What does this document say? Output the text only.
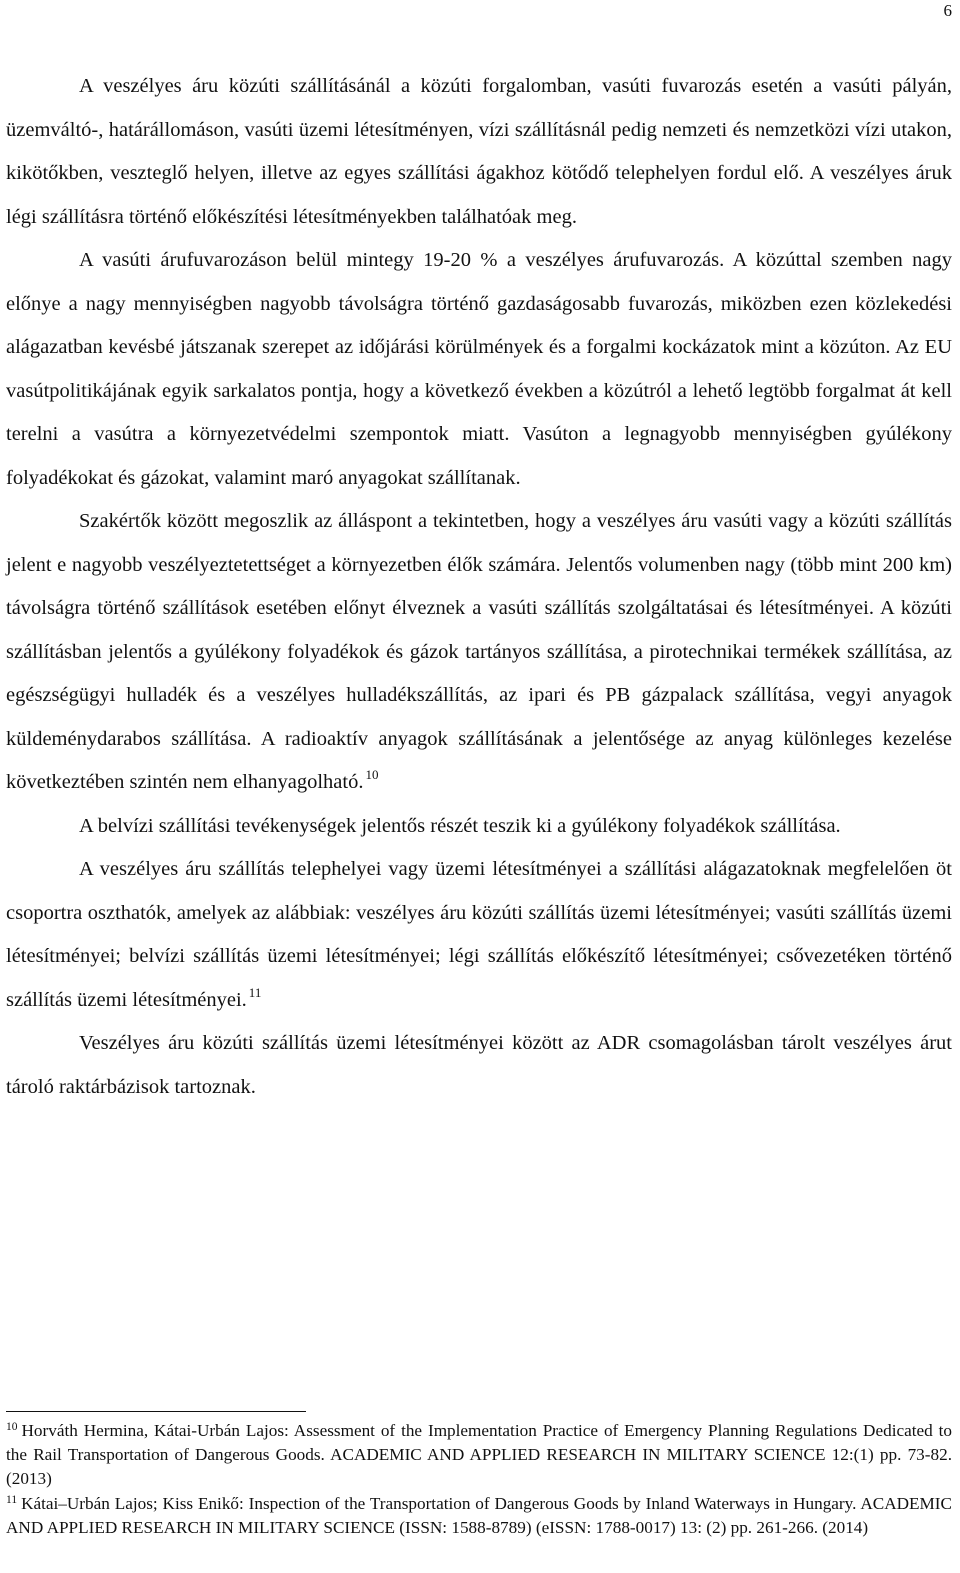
6

A veszélyes áru közúti szállításánál a közúti forgalomban, vasúti fuvarozás esetén a vasúti pályán, üzemváltó-, határállomáson, vasúti üzemi létesítményen, vízi szállításnál pedig nemzeti és nemzetközi vízi utakon, kikötőkben, veszteglő helyen, illetve az egyes szállítási ágakhoz kötődő telephelyen fordul elő. A veszélyes áruk légi szállításra történő előkészítési létesítményekben találhatóak meg.

A vasúti árufuvarozáson belül mintegy 19-20 % a veszélyes árufuvarozás. A közúttal szemben nagy előnye a nagy mennyiségben nagyobb távolságra történő gazdaságosabb fuvarozás, miközben ezen közlekedési alágazatban kevésbé játszanak szerepet az időjárási körülmények és a forgalmi kockázatok mint a közúton. Az EU vasútpolitikájának egyik sarkalatos pontja, hogy a következő években a közútról a lehető legtöbb forgalmat át kell terelni a vasútra a környezetvédelmi szempontok miatt. Vasúton a legnagyobb mennyiségben gyúlékony folyadékokat és gázokat, valamint maró anyagokat szállítanak.

Szakértők között megoszlik az álláspont a tekintetben, hogy a veszélyes áru vasúti vagy a közúti szállítás jelent e nagyobb veszélyeztetettséget a környezetben élők számára. Jelentős volumenben nagy (több mint 200 km) távolságra történő szállítások esetében előnyt élveznek a vasúti szállítás szolgáltatásai és létesítményei. A közúti szállításban jelentős a gyúlékony folyadékok és gázok tartányos szállítása, a pirotechnikai termékek szállítása, az egészségügyi hulladék és a veszélyes hulladékszállítás, az ipari és PB gázpalack szállítása, vegyi anyagok küldeménydarabos szállítása. A radioaktív anyagok szállításának a jelentősége az anyag különleges kezelése következtében szintén nem elhanyagolható. $^{10}$

A belvízi szállítási tevékenységek jelentős részét teszik ki a gyúlékony folyadékok szállítása.

A veszélyes áru szállítás telephelyei vagy üzemi létesítményei a szállítási alágazatoknak megfelelően öt csoportra oszthatók, amelyek az alábbiak: veszélyes áru közúti szállítás üzemi létesítményei; vasúti szállítás üzemi létesítményei; belvízi szállítás üzemi létesítményei; légi szállítás előkészítő létesítményei; csővezetéken történő szállítás üzemi létesítményei. $^{11}$

Veszélyes áru közúti szállítás üzemi létesítményei között az ADR csomagolásban tárolt veszélyes árut tároló raktárbázisok tartoznak.

$^{10}$ Horváth Hermina, Kátai-Urbán Lajos: Assessment of the Implementation Practice of Emergency Planning Regulations Dedicated to the Rail Transportation of Dangerous Goods. ACADEMIC AND APPLIED RESEARCH IN MILITARY SCIENCE 12:(1) pp. 73-82. (2013)

$^{11}$ Kátai–Urbán Lajos; Kiss Enikő: Inspection of the Transportation of Dangerous Goods by Inland Waterways in Hungary. ACADEMIC AND APPLIED RESEARCH IN MILITARY SCIENCE (ISSN: 1588-8789) (eISSN: 1788-0017) 13: (2) pp. 261-266. (2014)
